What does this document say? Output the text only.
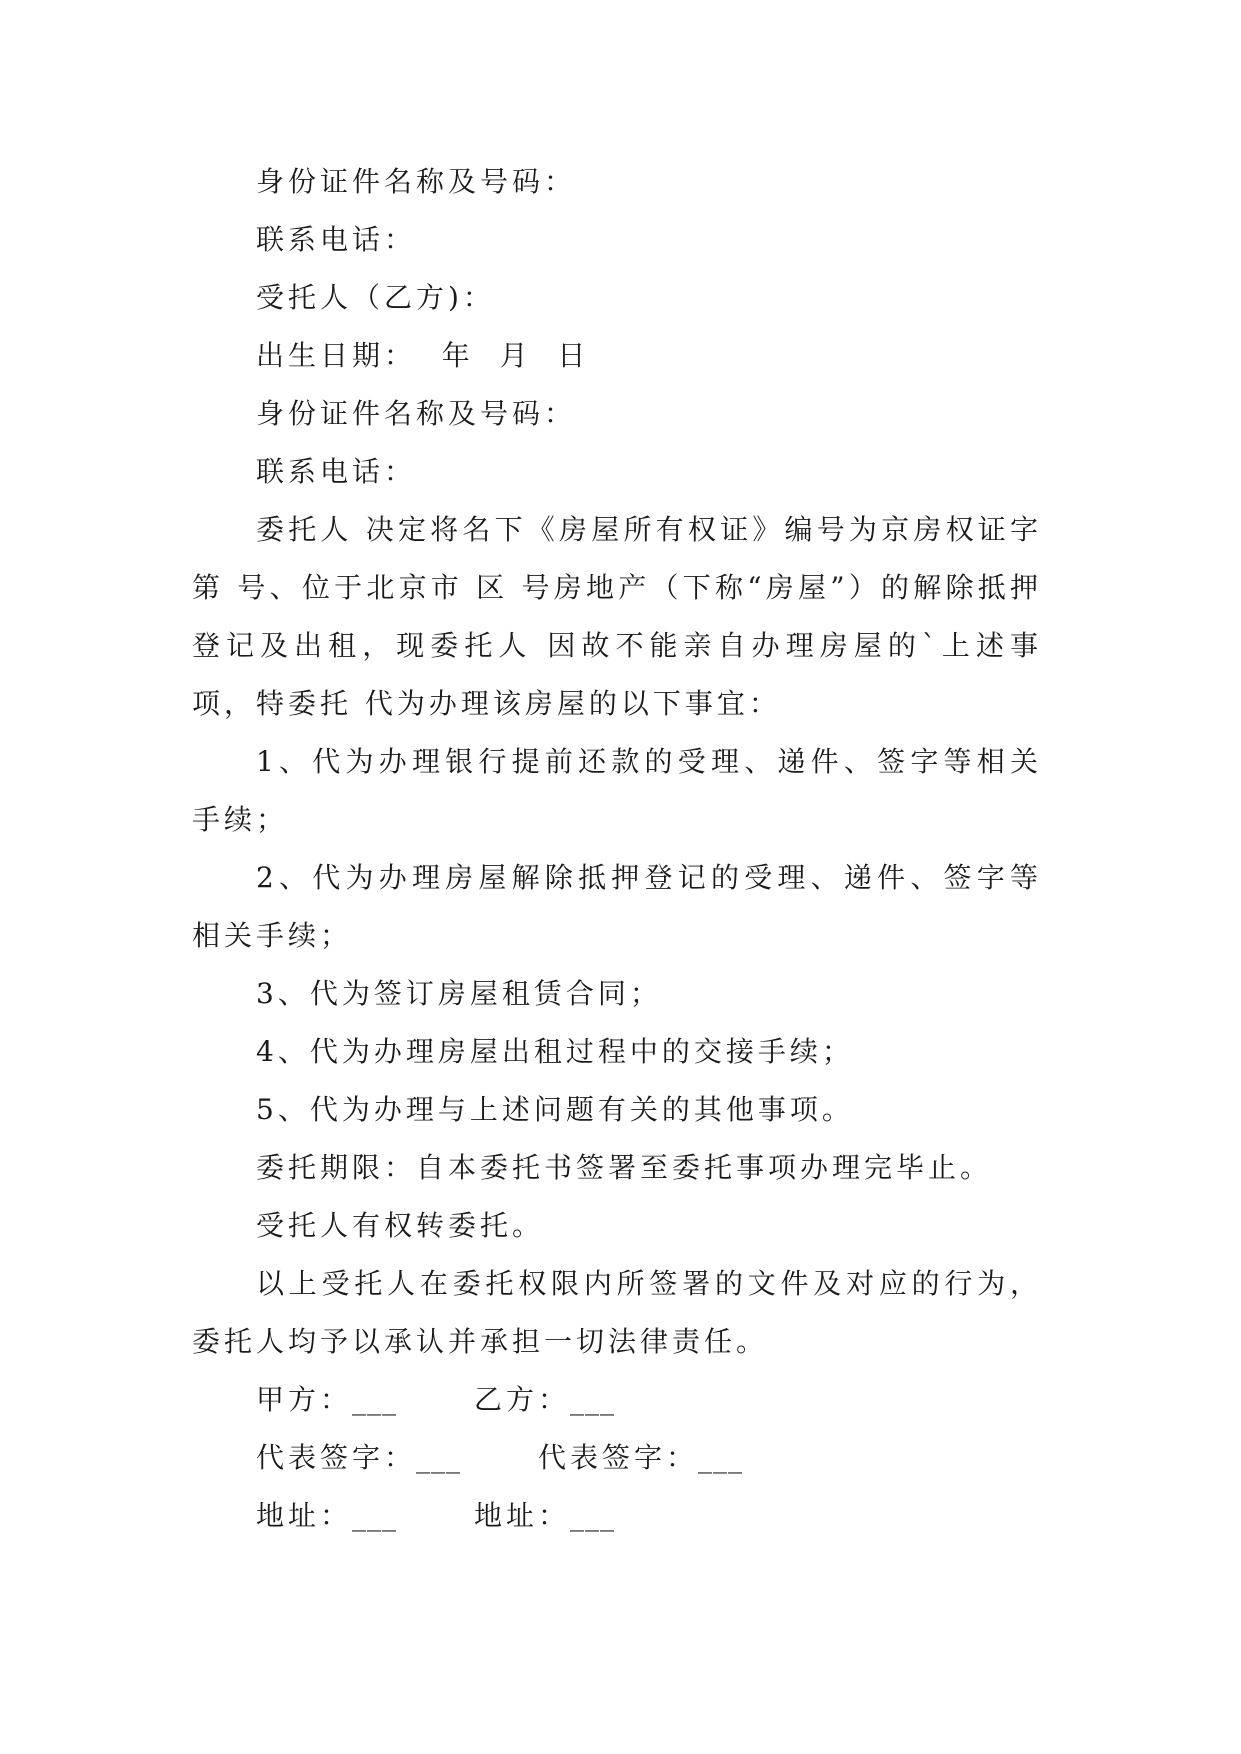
身份证件名称及号码：

联系电话：

受托人（乙方)：

出生日期：  年  月  日

身份证件名称及号码：

联系电话：

委托人 决定将名下《房屋所有权证》编号为京房权证字第 号、位于北京市 区 号房地产（下称“房屋”）的解除抵押登记及出租，现委托人 因故不能亲自办理房屋的`上述事项，特委托 代为办理该房屋的以下事宜：

1、代为办理银行提前还款的受理、递件、签字等相关手续；

2、代为办理房屋解除抵押登记的受理、递件、签字等相关手续；

3、代为签订房屋租赁合同；

4、代为办理房屋出租过程中的交接手续；

5、代为办理与上述问题有关的其他事项。

委托期限：自本委托书签署至委托事项办理完毕止。

受托人有权转委托。

以上受托人在委托权限内所签署的文件及对应的行为，委托人均予以承认并承担一切法律责任。

甲方：___	乙方：___
代表签字：___	代表签字：___
地址：___	地址：___
